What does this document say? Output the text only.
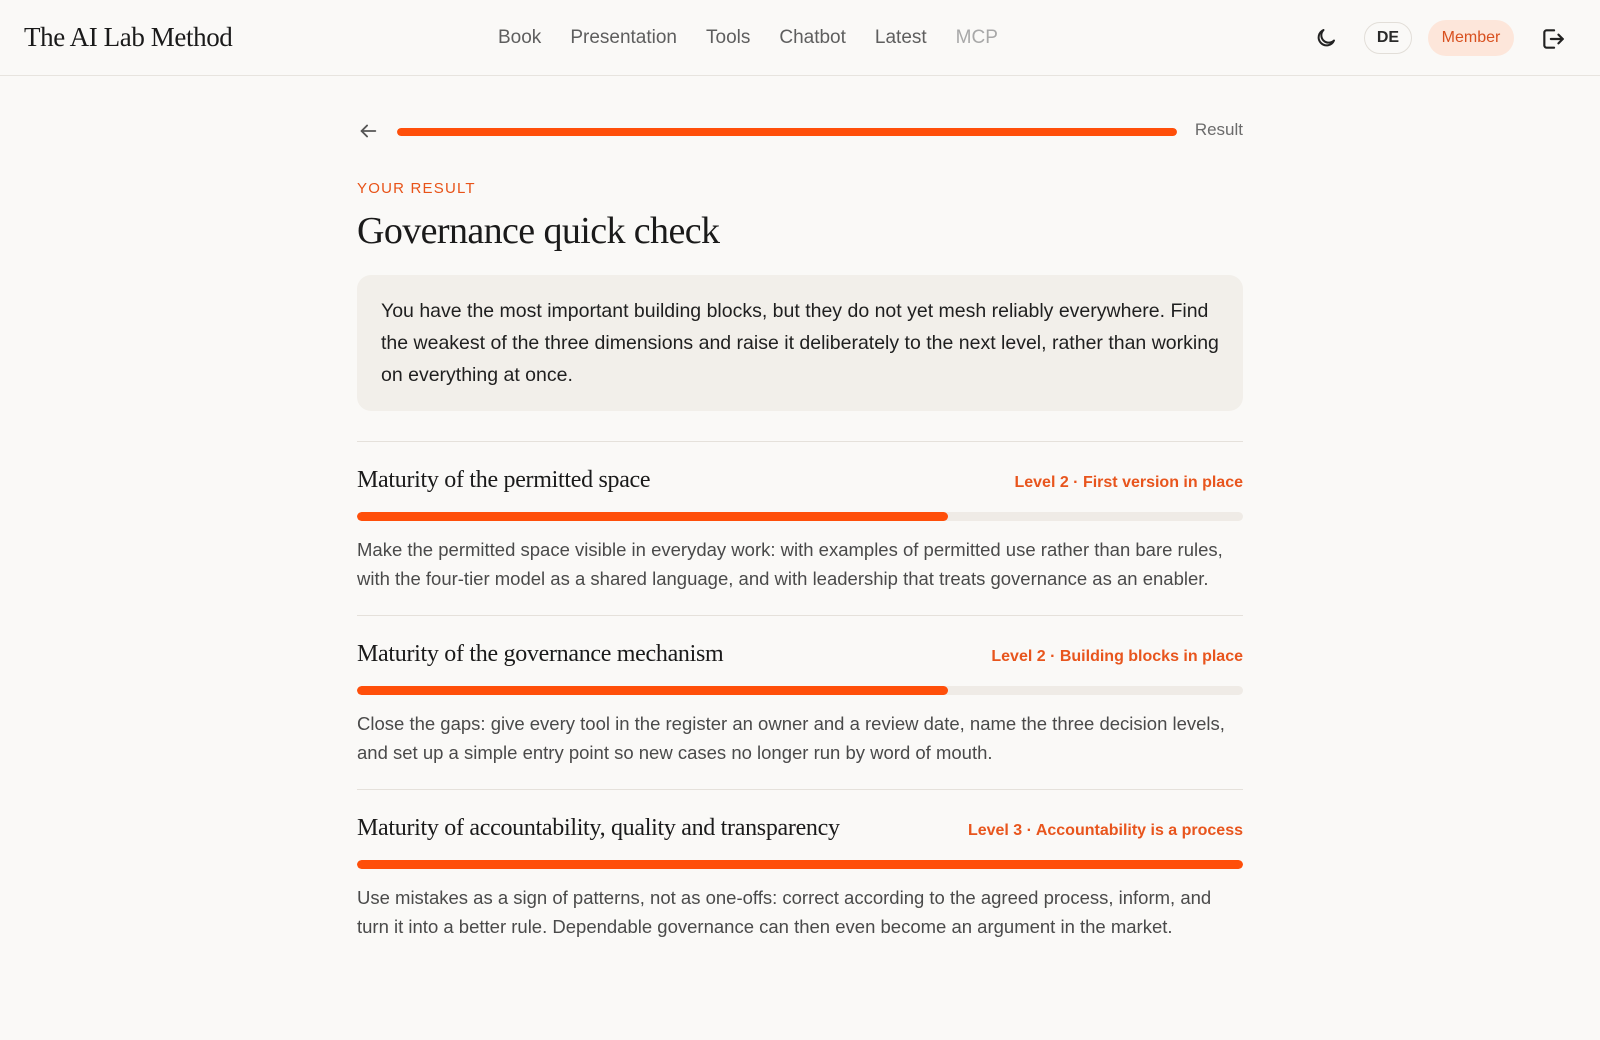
The AI Lab Method	Book Presentation Tools Chatbot Latest MCP	DE	Member
Result
YOUR RESULT
Governance quick check
You have the most important building blocks, but they do not yet mesh reliably everywhere. Find the weakest of the three dimensions and raise it deliberately to the next level, rather than working on everything at once.
Maturity of the permitted space	Level 2 · First version in place
Make the permitted space visible in everyday work: with examples of permitted use rather than bare rules, with the four-tier model as a shared language, and with leadership that treats governance as an enabler.
Maturity of the governance mechanism	Level 2 · Building blocks in place
Close the gaps: give every tool in the register an owner and a review date, name the three decision levels, and set up a simple entry point so new cases no longer run by word of mouth.
Maturity of accountability, quality and transparency	Level 3 · Accountability is a process
Use mistakes as a sign of patterns, not as one-offs: correct according to the agreed process, inform, and turn it into a better rule. Dependable governance can then even become an argument in the market.
